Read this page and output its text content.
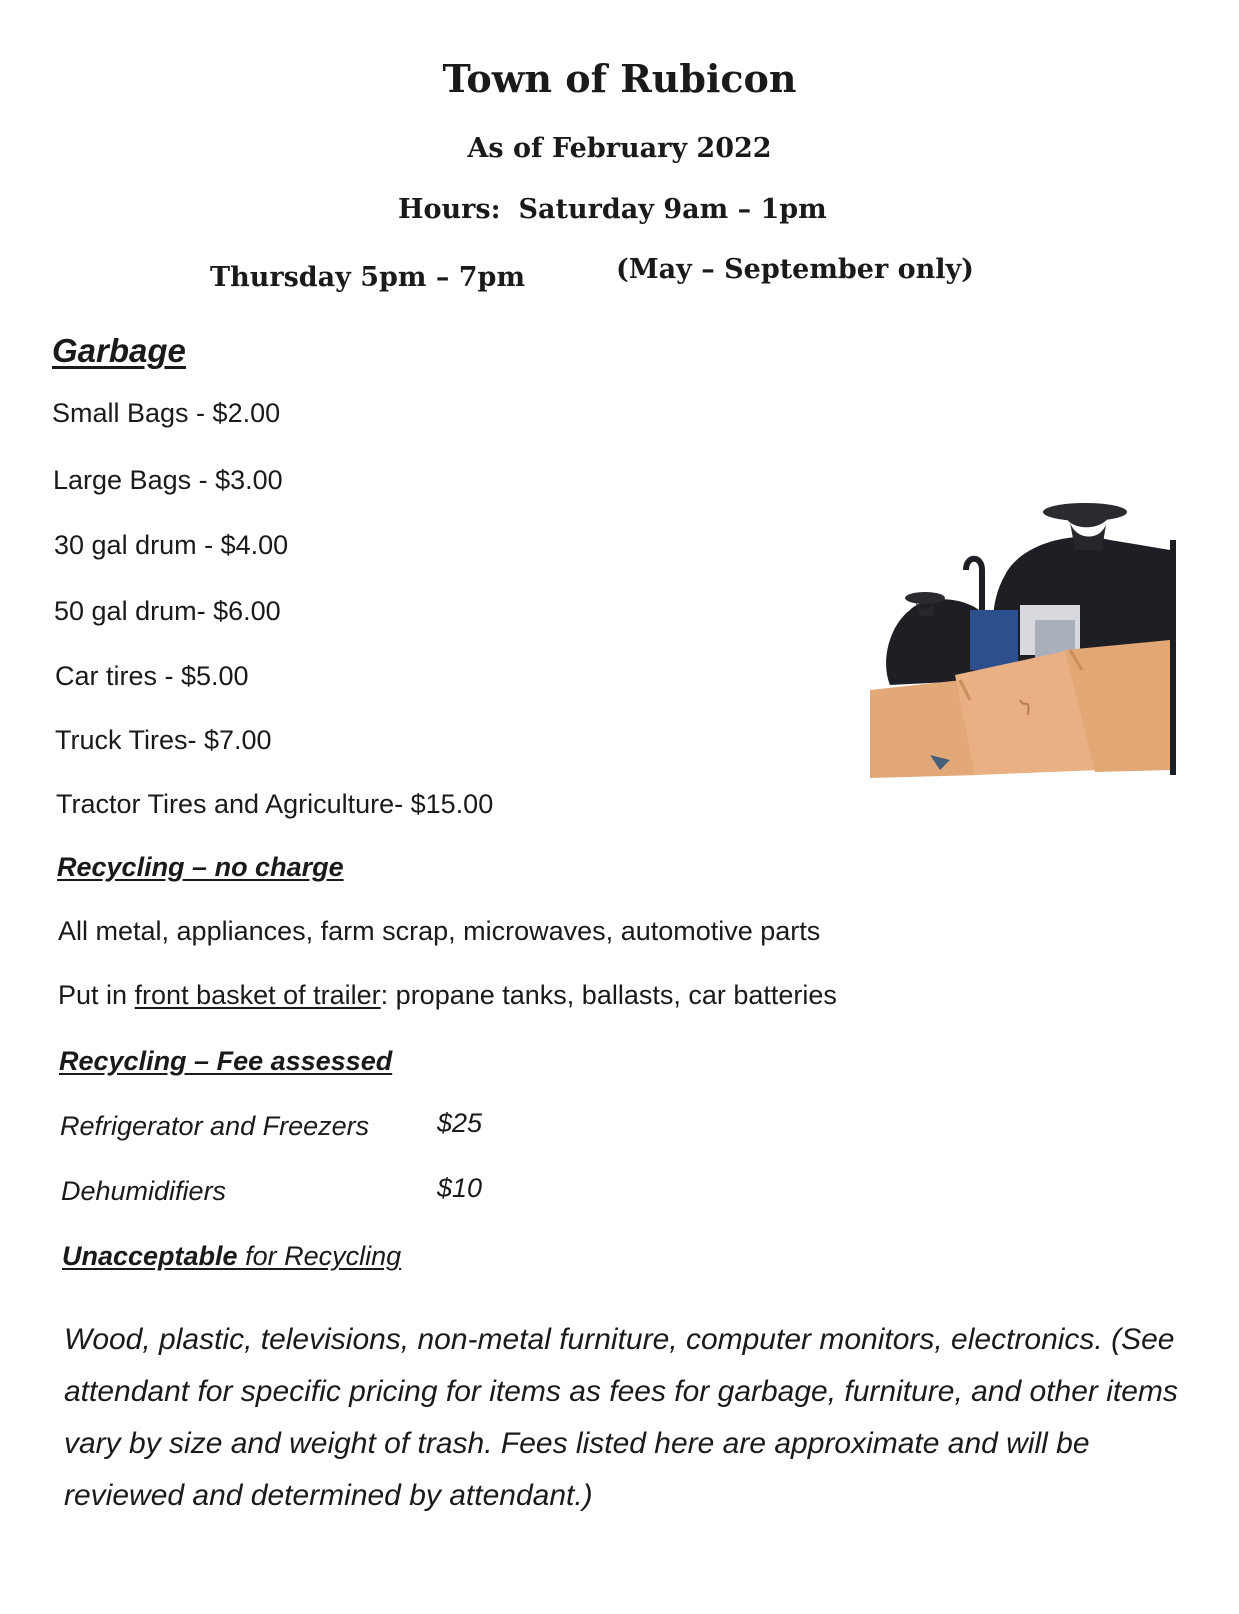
Town of Rubicon
As of February 2022
Hours: Saturday 9am – 1pm
Thursday 5pm – 7pm	(May – September only)
Garbage
Small Bags - $2.00
Large Bags - $3.00
30 gal drum - $4.00
50 gal drum- $6.00
Car tires - $5.00
Truck Tires- $7.00
Tractor Tires and Agriculture- $15.00
Recycling – no charge
All metal, appliances, farm scrap, microwaves, automotive parts
Put in front basket of trailer: propane tanks, ballasts, car batteries
Recycling – Fee assessed
Refrigerator and Freezers	$25
Dehumidifiers	$10
Unacceptable for Recycling
Wood, plastic, televisions, non-metal furniture, computer monitors, electronics. (See attendant for specific pricing for items as fees for garbage, furniture, and other items vary by size and weight of trash. Fees listed here are approximate and will be reviewed and determined by attendant.)
